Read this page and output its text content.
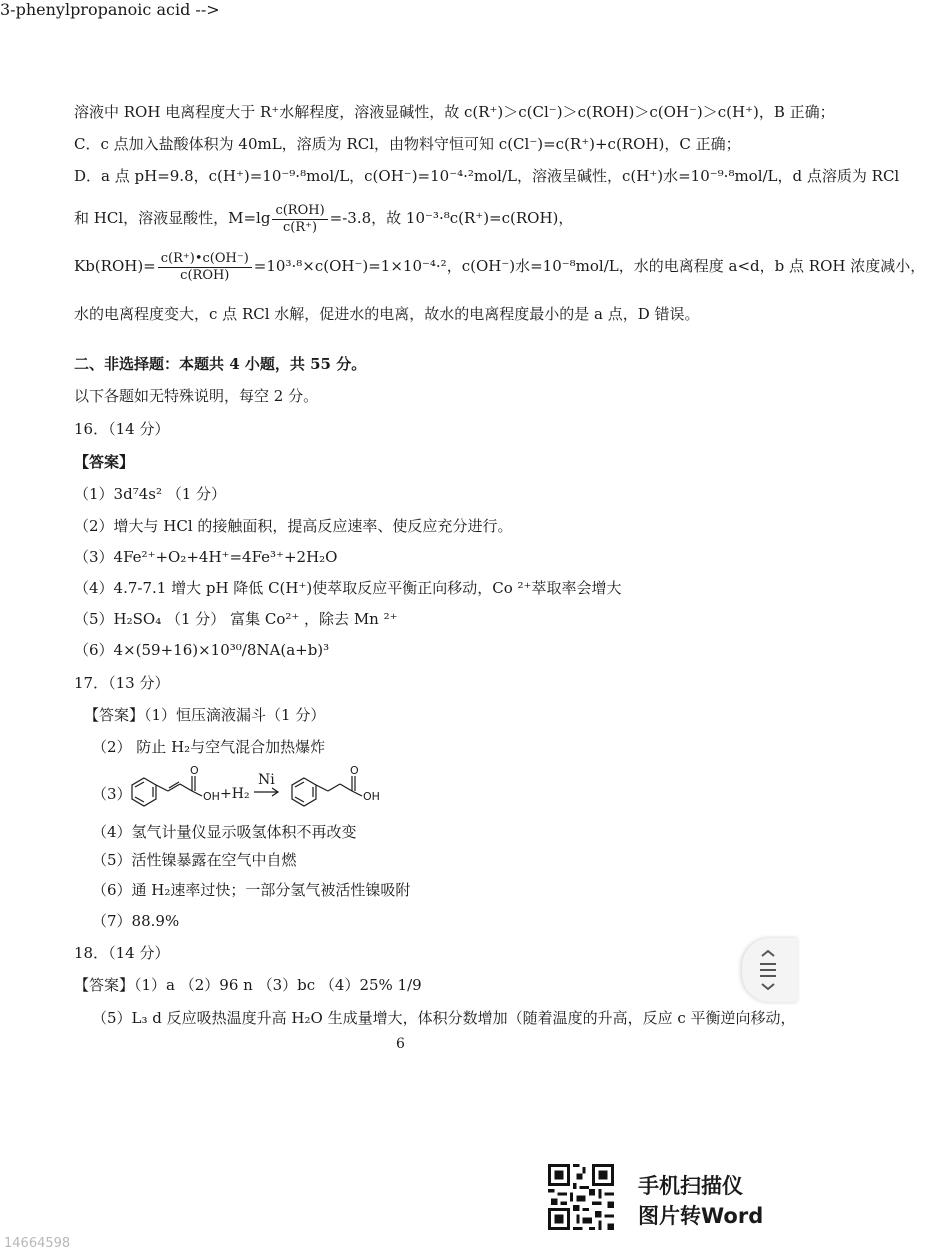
溶液中 ROH 电离程度大于 R⁺水解程度，溶液显碱性，故 c(R⁺)＞c(Cl⁻)＞c(ROH)＞c(OH⁻)＞c(H⁺)，B 正确；
C．c 点加入盐酸体积为 40mL，溶质为 RCl，由物料守恒可知 c(Cl⁻)=c(R⁺)+c(ROH)，C 正确；
D．a 点 pH=9.8，c(H⁺)=10⁻⁹·⁸mol/L，c(OH⁻)=10⁻⁴·²mol/L，溶液呈碱性，c(H⁺)水=10⁻⁹·⁸mol/L，d 点溶质为 RCl
和 HCl，溶液显酸性，$M=\lg \frac{\text{c(ROH)}}{c(R^+)} =-3.8$，故 10⁻³·⁸c(R⁺)=c(ROH)，
$Kb(ROH)= \frac{c(R^+)•c(OH^-)}{\text{c(ROH)}} =10^3\cdot^8\times c(OH^-)=1\times 10^{-4}\cdot^2$，c(OH⁻)水=10⁻⁸mol/L，水的电离程度 a<d，b 点 ROH 浓度减小，
水的电离程度变大，c 点 RCl 水解，促进水的电离，故水的电离程度最小的是 a 点，D 错误。
二、非选择题：本题共 4 小题，共 55 分。
以下各题如无特殊说明，每空 2 分。
16．（14 分）
【答案】
（1）3d⁷4s² （1 分）
（2）增大与 HCl 的接触面积，提高反应速率、使反应充分进行。
（3）4Fe²⁺+O₂+4H⁺=4Fe³⁺+2H₂O
（4）4.7-7.1 增大 pH 降低 C(H⁺)使萃取反应平衡正向移动，Co ²⁺萃取率会增大
（5）H₂SO₄ （1 分） 富集 Co²⁺ ，除去 Mn ²⁺
（6）4×(59+16)×10³⁰/8NA(a+b)³
17．（13 分）
【答案】（1）恒压滴液漏斗（1 分）
（2） 防止 H₂与空气混合加热爆炸
（3）
3-phenylpropanoic acid -->
O
OH
O
OH
+H₂
Ni
（4）氢气计量仪显示吸氢体积不再改变
（5）活性镍暴露在空气中自燃
（6）通 H₂速率过快；一部分氢气被活性镍吸附
（7）88.9%
18．（14 分）
【答案】（1）a （2）96 n （3）bc （4）25% 1/9
（5）L₃ d 反应吸热温度升高 H₂O 生成量增大，体积分数增加（随着温度的升高，反应 c 平衡逆向移动，
6
手机扫描仪
图片转Word
14664598
